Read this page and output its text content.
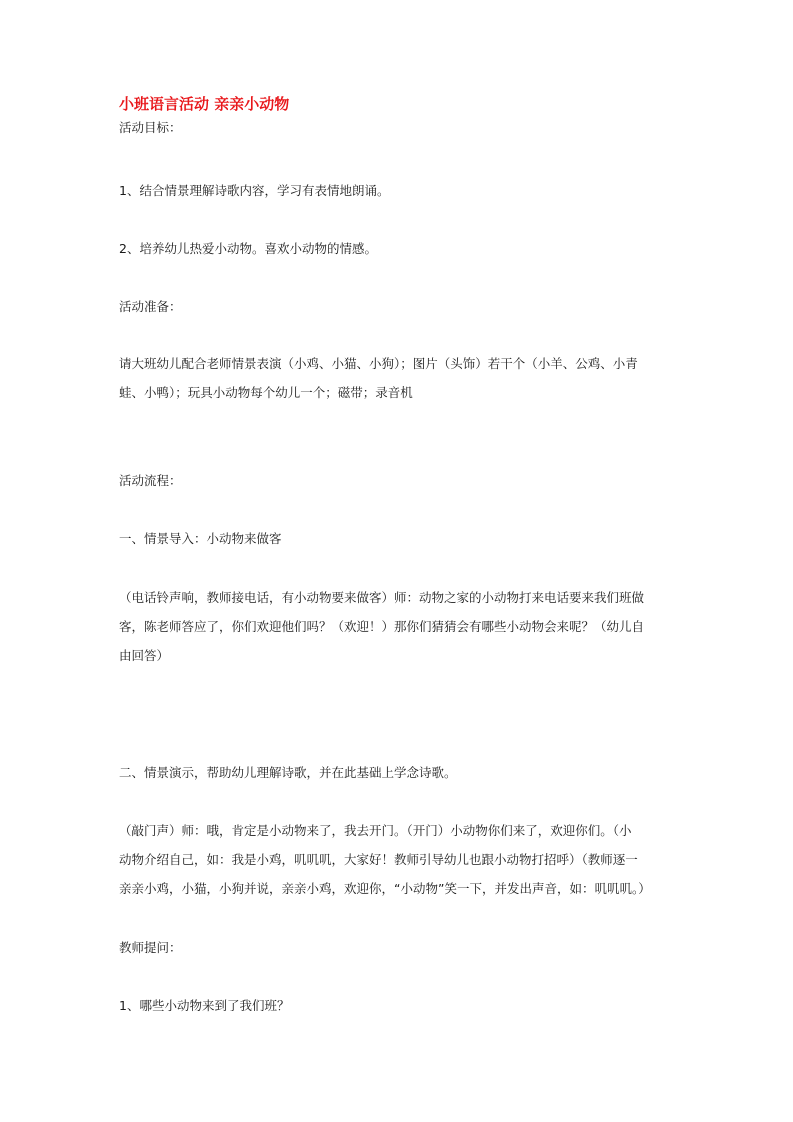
小班语言活动 亲亲小动物

活动目标：

1、结合情景理解诗歌内容，学习有表情地朗诵。

2、培养幼儿热爱小动物。喜欢小动物的情感。

活动准备：

请大班幼儿配合老师情景表演（小鸡、小猫、小狗）；图片（头饰）若干个（小羊、公鸡、小青

蛙、小鸭）；玩具小动物每个幼儿一个；磁带；录音机

活动流程：

一、情景导入：小动物来做客

（电话铃声响，教师接电话，有小动物要来做客）师：动物之家的小动物打来电话要来我们班做

客，陈老师答应了，你们欢迎他们吗？（欢迎！）那你们猜猜会有哪些小动物会来呢？（幼儿自

由回答）

二、情景演示，帮助幼儿理解诗歌，并在此基础上学念诗歌。

（敲门声）师：哦，肯定是小动物来了，我去开门。（开门）小动物你们来了，欢迎你们。（小

动物介绍自己，如：我是小鸡，叽叽叽，大家好！教师引导幼儿也跟小动物打招呼）（教师逐一

亲亲小鸡，小猫，小狗并说，亲亲小鸡，欢迎你，“小动物”笑一下，并发出声音，如：叽叽叽。）

教师提问：

1、哪些小动物来到了我们班？
